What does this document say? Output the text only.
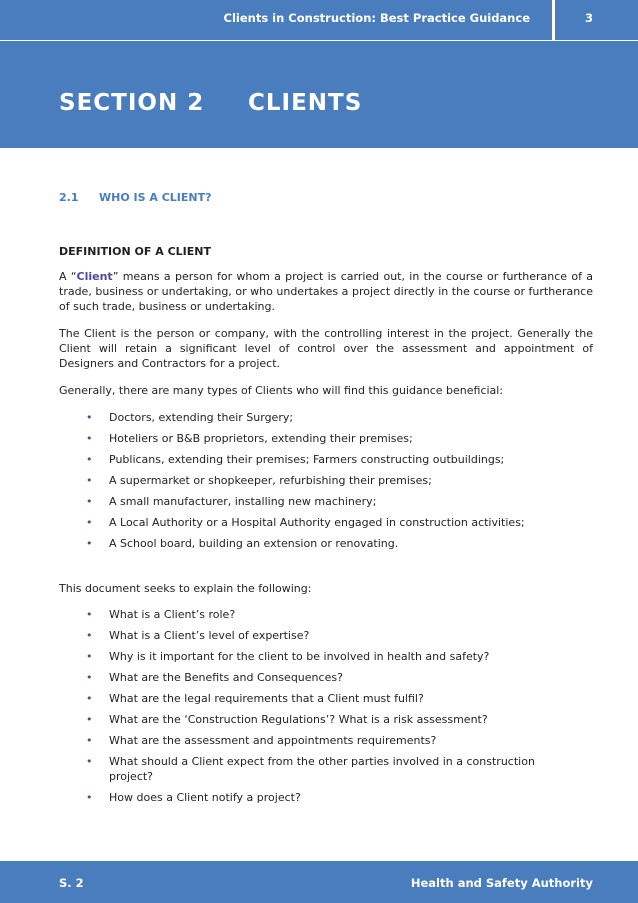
Clients in Construction: Best Practice Guidance	3
SECTION 2 CLIENTS
2.1 WHO IS A CLIENT?
DEFINITION OF A CLIENT

A “Client” means a person for whom a project is carried out, in the course or furtherance of a trade, business or undertaking, or who undertakes a project directly in the course or furtherance of such trade, business or undertaking.

The Client is the person or company, with the controlling interest in the project. Generally the Client will retain a significant level of control over the assessment and appointment of Designers and Contractors for a project.

Generally, there are many types of Clients who will find this guidance beneficial:

• Doctors, extending their Surgery;
• Hoteliers or B&B proprietors, extending their premises;
• Publicans, extending their premises; Farmers constructing outbuildings;
• A supermarket or shopkeeper, refurbishing their premises;
• A small manufacturer, installing new machinery;
• A Local Authority or a Hospital Authority engaged in construction activities;
• A School board, building an extension or renovating.

This document seeks to explain the following:

• What is a Client’s role?
• What is a Client’s level of expertise?
• Why is it important for the client to be involved in health and safety?
• What are the Benefits and Consequences?
• What are the legal requirements that a Client must fulfil?
• What are the ‘Construction Regulations’? What is a risk assessment?
• What are the assessment and appointments requirements?
• What should a Client expect from the other parties involved in a construction project?
• How does a Client notify a project?
S. 2	Health and Safety Authority
